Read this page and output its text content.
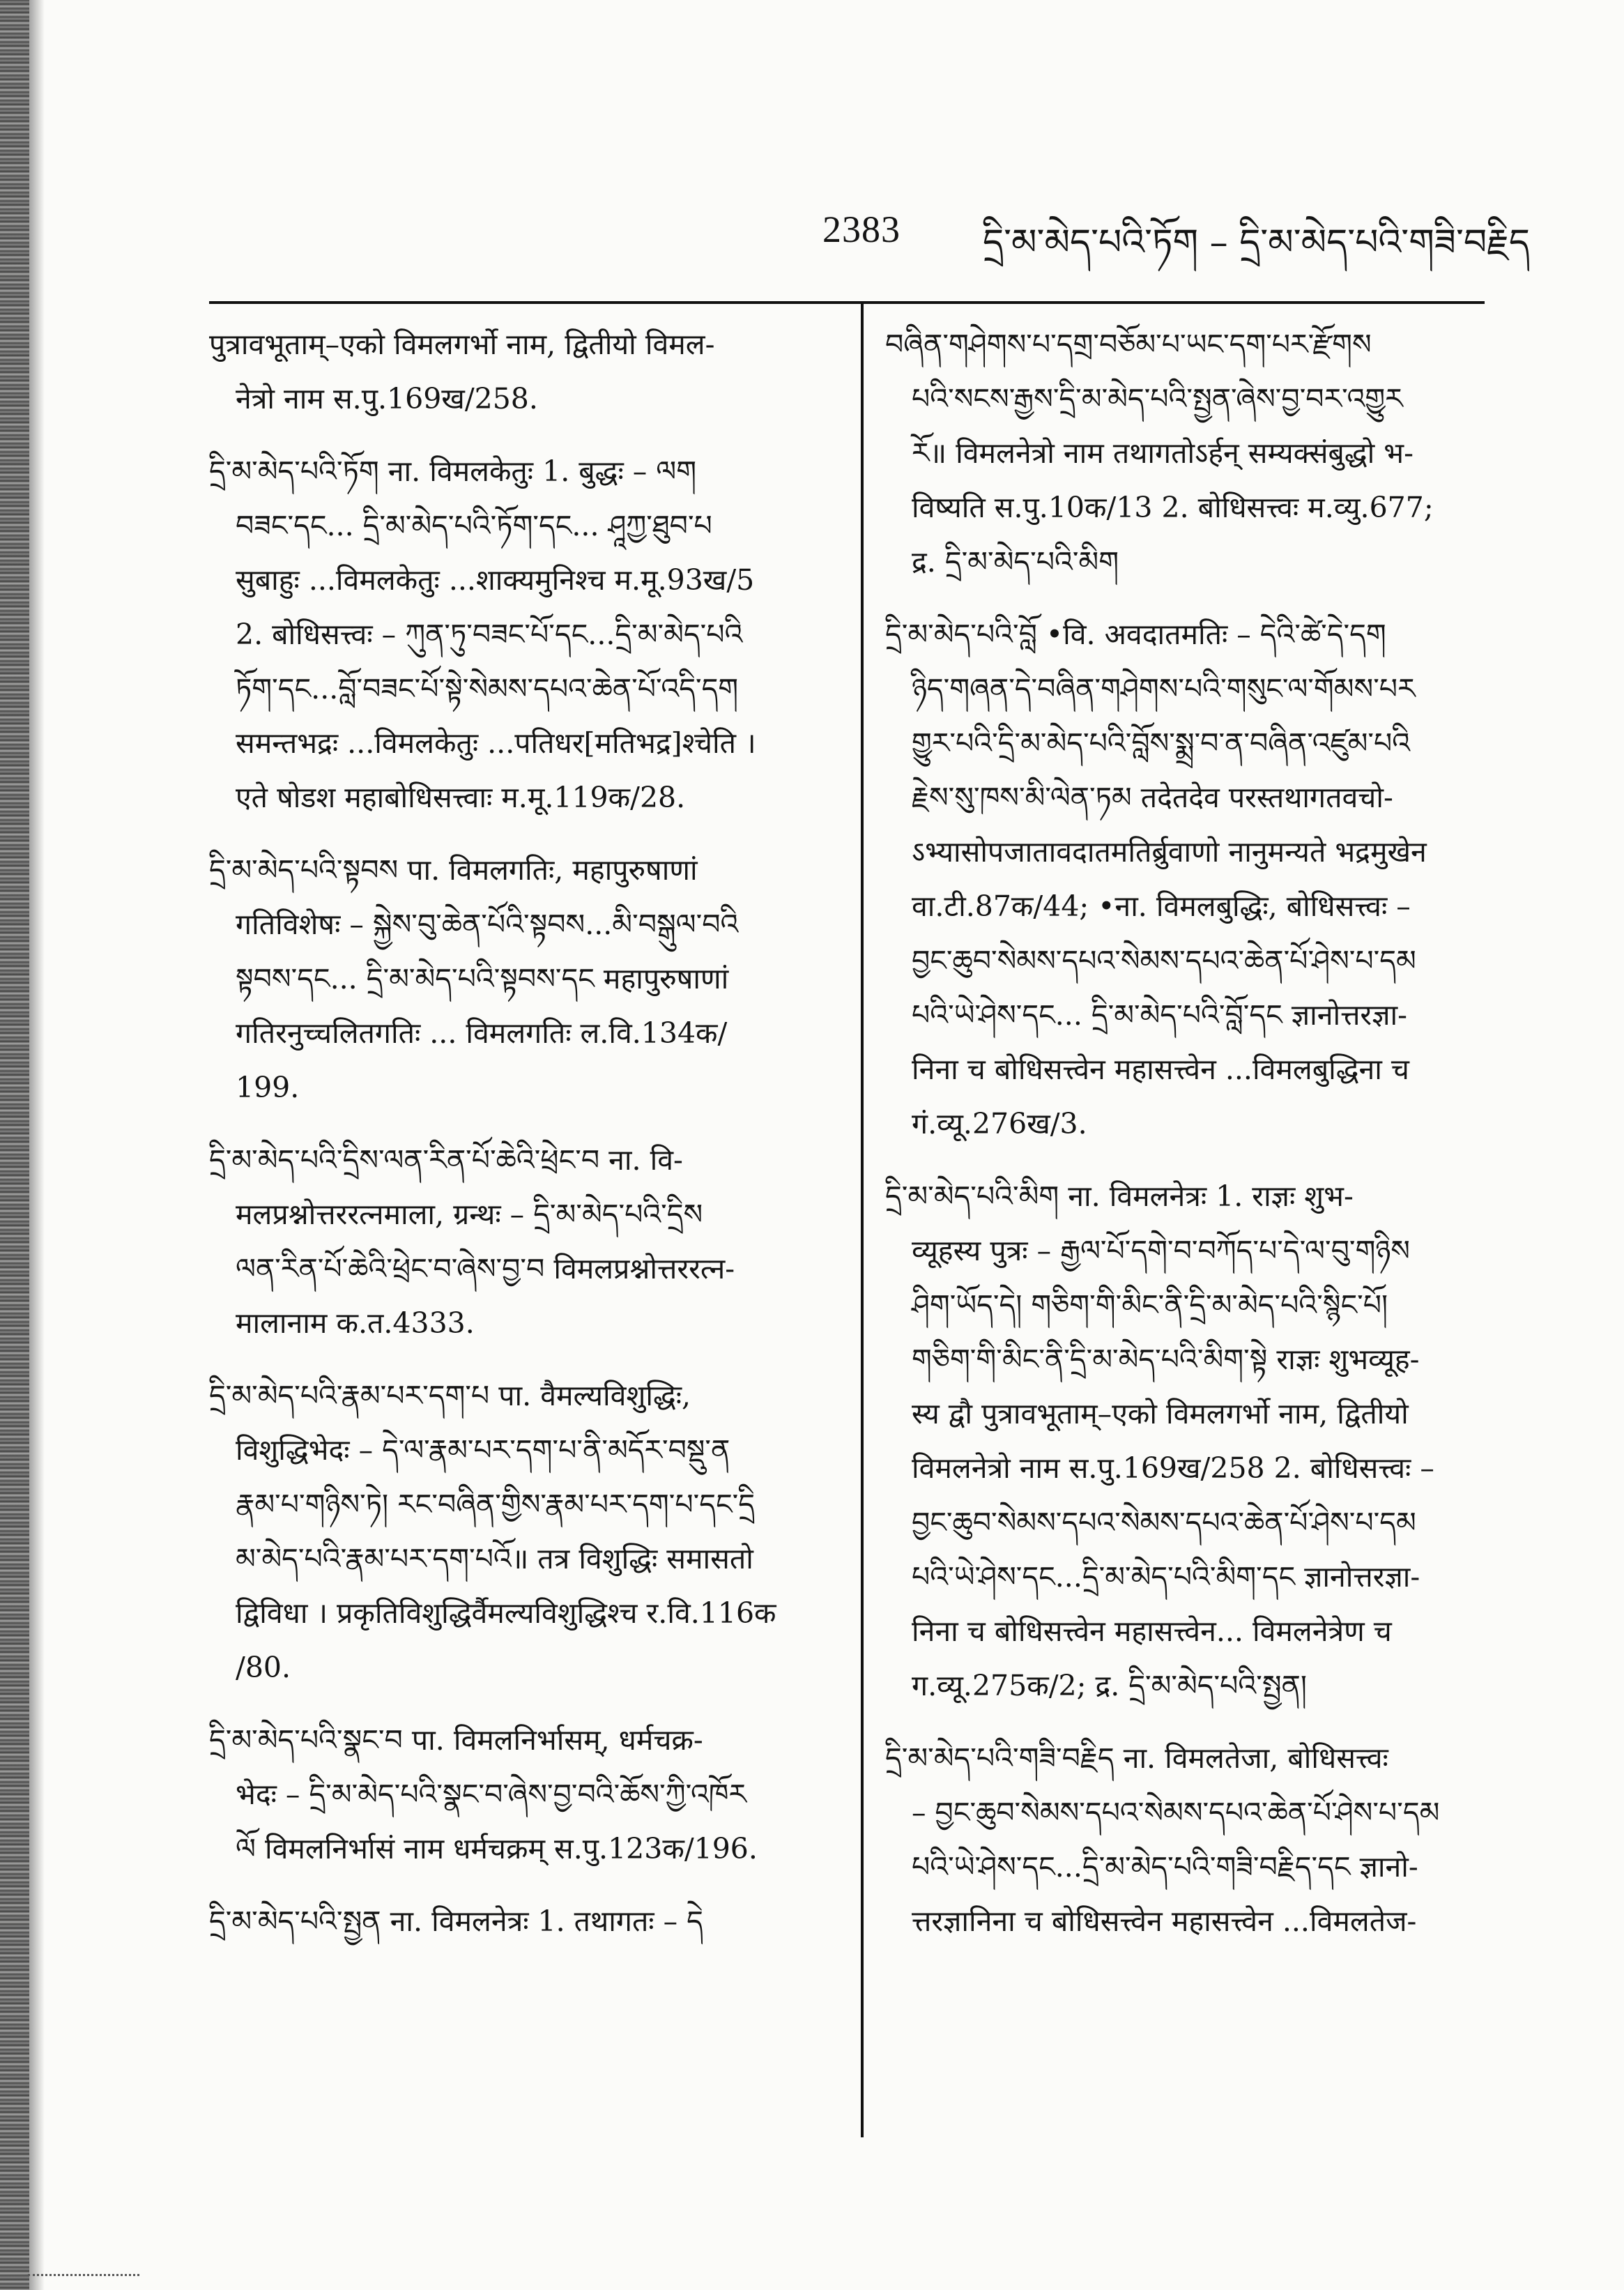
2383 དྲི་མ་མེད་པའི་ཏོག – དྲི་མ་མེད་པའི་གཟི་བརྗིད

पुत्रावभूताम्–एको विमलगर्भो नाम, द्वितीयो विमल-

नेत्रो नाम स.पु.169ख/258.

དྲི་མ་མེད་པའི་ཏོག ना. विमलकेतुः 1. बुद्धः – ལག

བཟང་དང... དྲི་མ་མེད་པའི་ཏོག་དང... ཤཱཀྱ་ཐུབ་པ

सुबाहुः ...विमलकेतुः ...शाक्यमुनिश्च म.मू.93ख/5

2. बोधिसत्त्वः – ཀུན་ཏུ་བཟང་པོ་དང...དྲི་མ་མེད་པའི

ཏོག་དང...བློ་བཟང་པོ་སྟེ་སེམས་དཔའ་ཆེན་པོ་འདི་དག

समन्तभद्रः ...विमलकेतुः ...पतिधर[मतिभद्र]श्चेति ।

एते षोडश महाबोधिसत्त्वाः म.मू.119क/28.

དྲི་མ་མེད་པའི་སྟབས पा. विमलगतिः, महापुरुषाणां

गतिविशेषः – སྐྱེས་བུ་ཆེན་པོའི་སྟབས...མི་བསྒུལ་བའི

སྟབས་དང... དྲི་མ་མེད་པའི་སྟབས་དང महापुरुषाणां

गतिरनुच्चलितगतिः ... विमलगतिः ल.वि.134क/

199.

དྲི་མ་མེད་པའི་དྲིས་ལན་རིན་པོ་ཆེའི་ཕྲེང་བ ना. वि-

मलप्रश्नोत्तररत्नमाला, ग्रन्थः – དྲི་མ་མེད་པའི་དྲིས

ལན་རིན་པོ་ཆེའི་ཕྲེང་བ་ཞེས་བྱ་བ विमलप्रश्नोत्तररत्न-

मालानाम क.त.4333.

དྲི་མ་མེད་པའི་རྣམ་པར་དག་པ पा. वैमल्यविशुद्धिः,

विशुद्धिभेदः – དེ་ལ་རྣམ་པར་དག་པ་ནི་མདོར་བསྡུ་ན

རྣམ་པ་གཉིས་ཏེ། རང་བཞིན་གྱིས་རྣམ་པར་དག་པ་དང་དྲི

མ་མེད་པའི་རྣམ་པར་དག་པའོ॥ तत्र विशुद्धिः समासतो

द्विविधा । प्रकृतिविशुद्धिर्वैमल्यविशुद्धिश्च र.वि.116क

/80.

དྲི་མ་མེད་པའི་སྣང་བ पा. विमलनिर्भासम्, धर्मचक्र-

भेदः – དྲི་མ་མེད་པའི་སྣང་བ་ཞེས་བྱ་བའི་ཆོས་ཀྱི་འཁོར

ལོ विमलनिर्भासं नाम धर्मचक्रम् स.पु.123क/196.

དྲི་མ་མེད་པའི་སྤྱན ना. विमलनेत्रः 1. तथागतः – དེ

བཞིན་གཤེགས་པ་དགྲ་བཅོམ་པ་ཡང་དག་པར་རྫོགས

པའི་སངས་རྒྱས་དྲི་མ་མེད་པའི་སྤྱན་ཞེས་བྱ་བར་འགྱུར

རོ॥ विमलनेत्रो नाम तथागतोऽर्हन् सम्यक्संबुद्धो भ-

विष्यति स.पु.10क/13 2. बोधिसत्त्वः म.व्यु.677;

द्र. དྲི་མ་མེད་པའི་མིག

དྲི་མ་མེད་པའི་བློ •वि. अवदातमतिः – དེའི་ཚེ་དེ་དག

ཉིད་གཞན་དེ་བཞིན་གཤེགས་པའི་གསུང་ལ་གོམས་པར

གྱུར་པའི་དྲི་མ་མེད་པའི་བློས་སྨྲ་བ་ན་བཞིན་འཛུམ་པའི

རྗེས་སུ་ཁས་མི་ལེན་ཏམ तदेतदेव परस्तथागतवचो-

ऽभ्यासोपजातावदातमतिर्ब्रुवाणो नानुमन्यते भद्रमुखेन

वा.टी.87क/44; •ना. विमलबुद्धिः, बोधिसत्त्वः –

བྱང་ཆུབ་སེམས་དཔའ་སེམས་དཔའ་ཆེན་པོ་ཤེས་པ་དམ

པའི་ཡེ་ཤེས་དང... དྲི་མ་མེད་པའི་བློ་དང ज्ञानोत्तरज्ञा-

निना च बोधिसत्त्वेन महासत्त्वेन ...विमलबुद्धिना च

गं.व्यू.276ख/3.

དྲི་མ་མེད་པའི་མིག ना. विमलनेत्रः 1. राज्ञः शुभ-

व्यूहस्य पुत्रः – རྒྱལ་པོ་དགེ་བ་བཀོད་པ་དེ་ལ་བུ་གཉིས

ཤིག་ཡོད་དེ། གཅིག་གི་མིང་ནི་དྲི་མ་མེད་པའི་སྙིང་པོ།

གཅིག་གི་མིང་ནི་དྲི་མ་མེད་པའི་མིག་སྟེ राज्ञः शुभव्यूह-

स्य द्वौ पुत्रावभूताम्–एको विमलगर्भो नाम, द्वितीयो

विमलनेत्रो नाम स.पु.169ख/258 2. बोधिसत्त्वः –

བྱང་ཆུབ་སེམས་དཔའ་སེམས་དཔའ་ཆེན་པོ་ཤེས་པ་དམ

པའི་ཡེ་ཤེས་དང...དྲི་མ་མེད་པའི་མིག་དང ज्ञानोत्तरज्ञा-

निना च बोधिसत्त्वेन महासत्त्वेन... विमलनेत्रेण च

ग.व्यू.275क/2; द्र. དྲི་མ་མེད་པའི་སྤྱན།

དྲི་མ་མེད་པའི་གཟི་བརྗིད ना. विमलतेजा, बोधिसत्त्वः

– བྱང་ཆུབ་སེམས་དཔའ་སེམས་དཔའ་ཆེན་པོ་ཤེས་པ་དམ

པའི་ཡེ་ཤེས་དང...དྲི་མ་མེད་པའི་གཟི་བརྗིད་དང ज्ञानो-

त्तरज्ञानिना च बोधिसत्त्वेन महासत्त्वेन ...विमलतेज-
